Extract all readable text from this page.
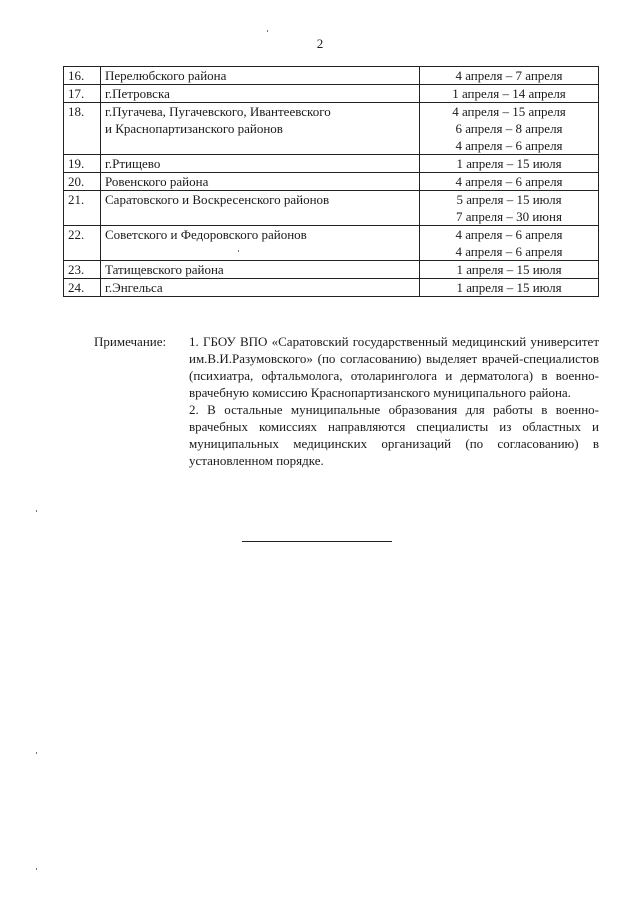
2
16.	Перелюбского района	4 апреля – 7 апреля

17.	г.Петровска	1 апреля – 14 апреля

18.	г.Пугачева, Пугачевского, Ивантеевского
и Краснопартизанского районов	4 апреля – 15 апреля
6 апреля – 8 апреля
4 апреля – 6 апреля

19.	г.Ртищево	1 апреля – 15 июля

20.	Ровенского района	4 апреля – 6 апреля

21.	Саратовского и Воскресенского районов	5 апреля – 15 июля
7 апреля – 30 июня

22.	Советского и Федоровского районов	4 апреля – 6 апреля
4 апреля – 6 апреля

23.	Татищевского района	1 апреля – 15 июля

24.	г.Энгельса	1 апреля – 15 июля
Примечание: 1. ГБОУ ВПО «Саратовский государственный медицинский университет им.В.И.Разумовского» (по согласованию) выделяет врачей-специалистов (психиатра, офтальмолога, отоларинголога и дерматолога) в военно-врачебную комиссию Краснопартизанского муниципального района.

2. В остальные муниципальные образования для работы в военно-врачебных комиссиях направляются специалисты из областных и муниципальных медицинских организаций (по согласованию) в установленном порядке.
